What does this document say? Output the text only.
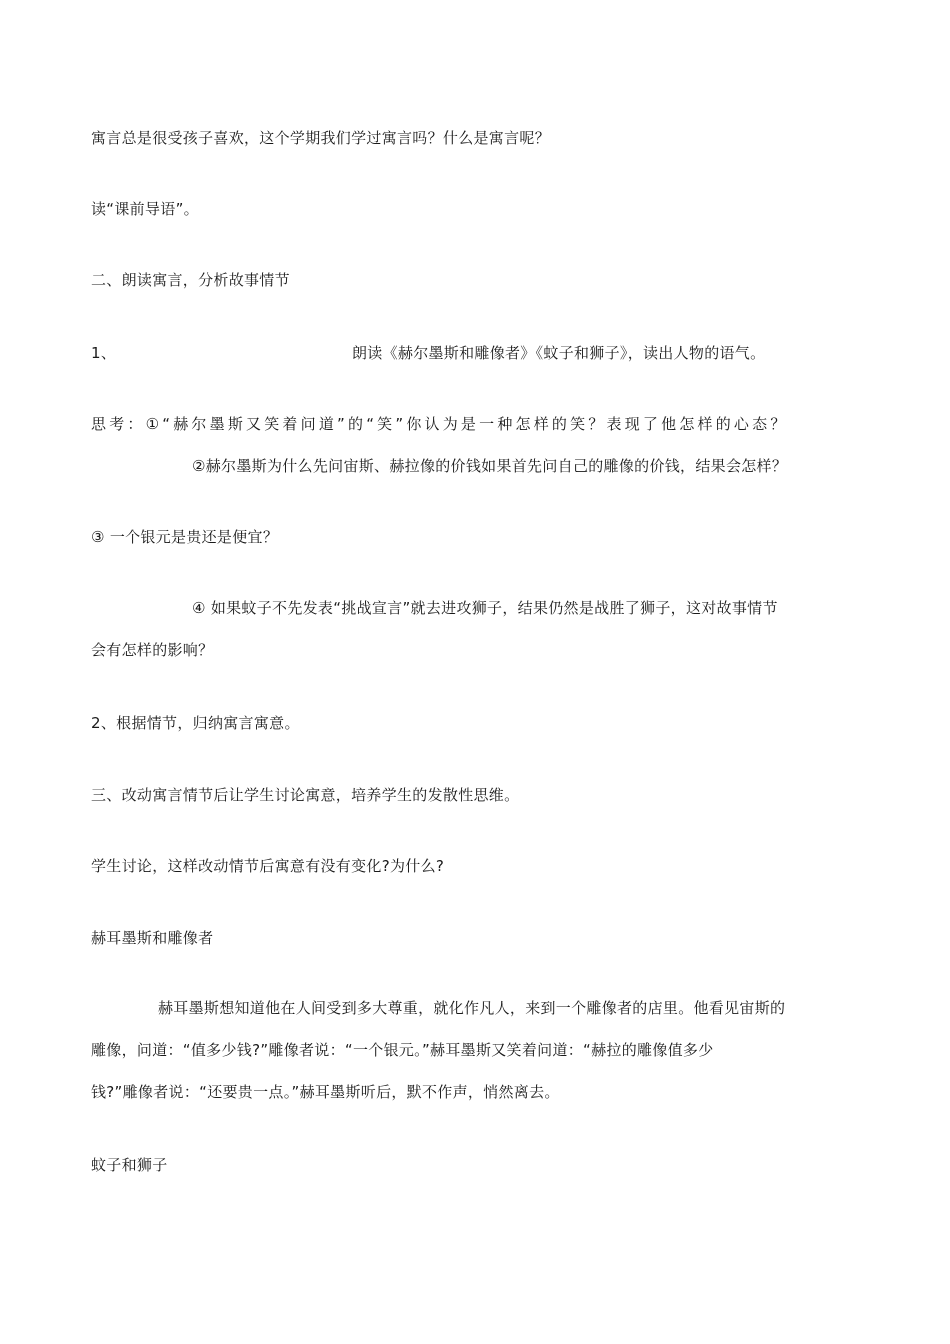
寓言总是很受孩子喜欢，这个学期我们学过寓言吗？什么是寓言呢？
读“课前导语”。
二、朗读寓言，分析故事情节
1、	朗读《赫尔墨斯和雕像者》《蚊子和狮子》，读出人物的语气。
思考：①“赫尔墨斯又笑着问道”的“笑”你认为是一种怎样的笑？表现了他怎样的心态？
②赫尔墨斯为什么先问宙斯、赫拉像的价钱如果首先问自己的雕像的价钱，结果会怎样？
③ 一个银元是贵还是便宜？
④ 如果蚊子不先发表“挑战宣言”就去进攻狮子，结果仍然是战胜了狮子，这对故事情节
会有怎样的影响？
2、根据情节，归纳寓言寓意。
三、改动寓言情节后让学生讨论寓意，培养学生的发散性思维。
学生讨论，这样改动情节后寓意有没有变化?为什么?
赫耳墨斯和雕像者
赫耳墨斯想知道他在人间受到多大尊重，就化作凡人，来到一个雕像者的店里。他看见宙斯的
雕像，问道：“值多少钱?”雕像者说：“一个银元。”赫耳墨斯又笑着问道：“赫拉的雕像值多少
钱?”雕像者说：“还要贵一点。”赫耳墨斯听后，默不作声，悄然离去。
蚊子和狮子
